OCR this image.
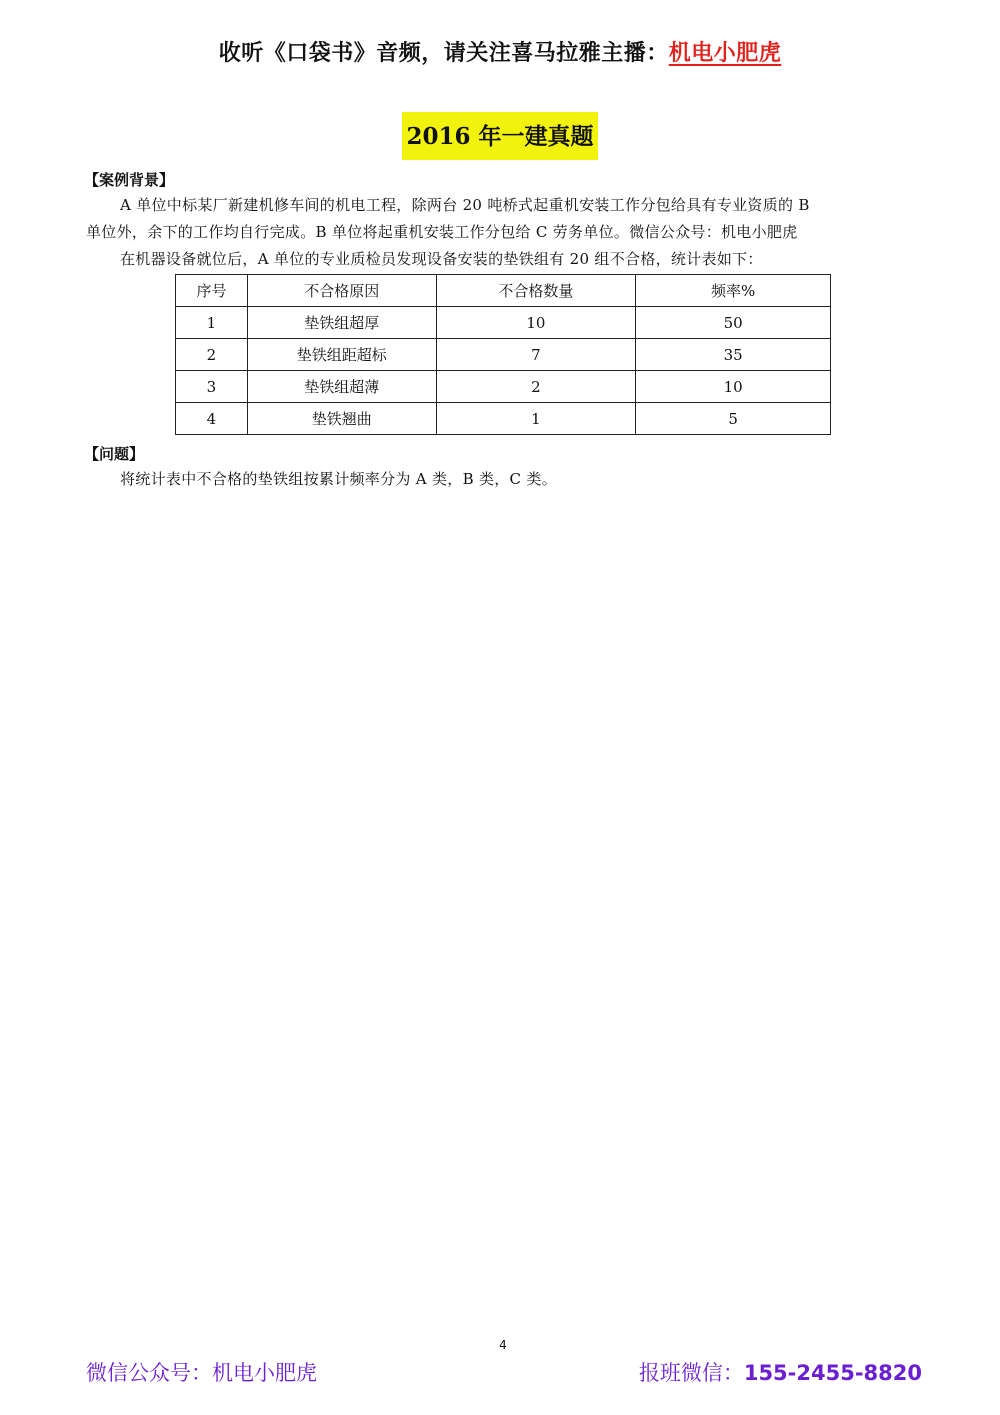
收听《口袋书》音频，请关注喜马拉雅主播：机电小肥虎
2016 年一建真题
【案例背景】
A 单位中标某厂新建机修车间的机电工程，除两台 20 吨桥式起重机安装工作分包给具有专业资质的 B
单位外，余下的工作均自行完成。B 单位将起重机安装工作分包给 C 劳务单位。微信公众号：机电小肥虎
在机器设备就位后，A 单位的专业质检员发现设备安装的垫铁组有 20 组不合格，统计表如下：
序号	不合格原因	不合格数量	频率%
1	垫铁组超厚	10	50
2	垫铁组距超标	7	35
3	垫铁组超薄	2	10
4	垫铁翘曲	1	5
【问题】
将统计表中不合格的垫铁组按累计频率分为 A 类，B 类，C 类。
4
微信公众号：机电小肥虎	报班微信：155-2455-8820
